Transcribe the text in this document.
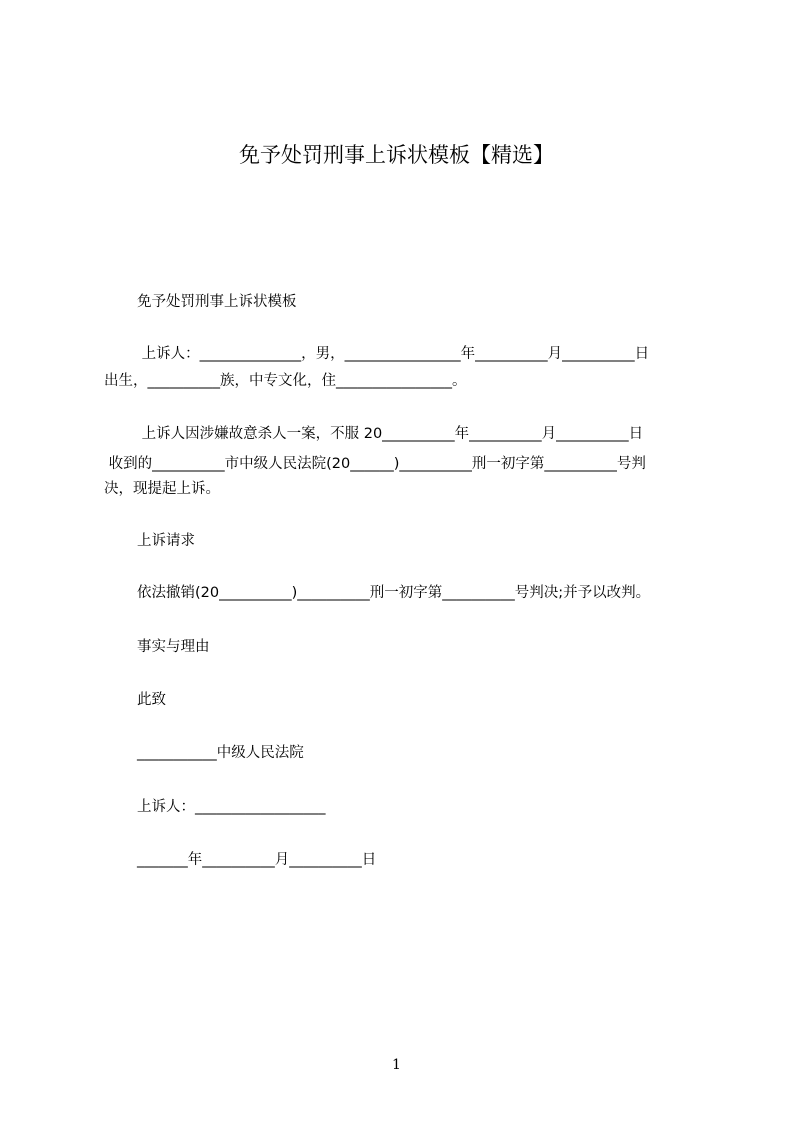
免予处罚刑事上诉状模板【精选】
免予处罚刑事上诉状模板
上诉人：______________，男，________________年__________月__________日
出生，__________族，中专文化，住________________。
上诉人因涉嫌故意杀人一案，不服 20__________年__________月__________日
收到的__________市中级人民法院(20______)__________刑一初字第__________号判
决，现提起上诉。
上诉请求
依法撤销(20__________)__________刑一初字第__________号判决;并予以改判。
事实与理由
此致
___________中级人民法院
上诉人：__________________
_______年__________月__________日
1
